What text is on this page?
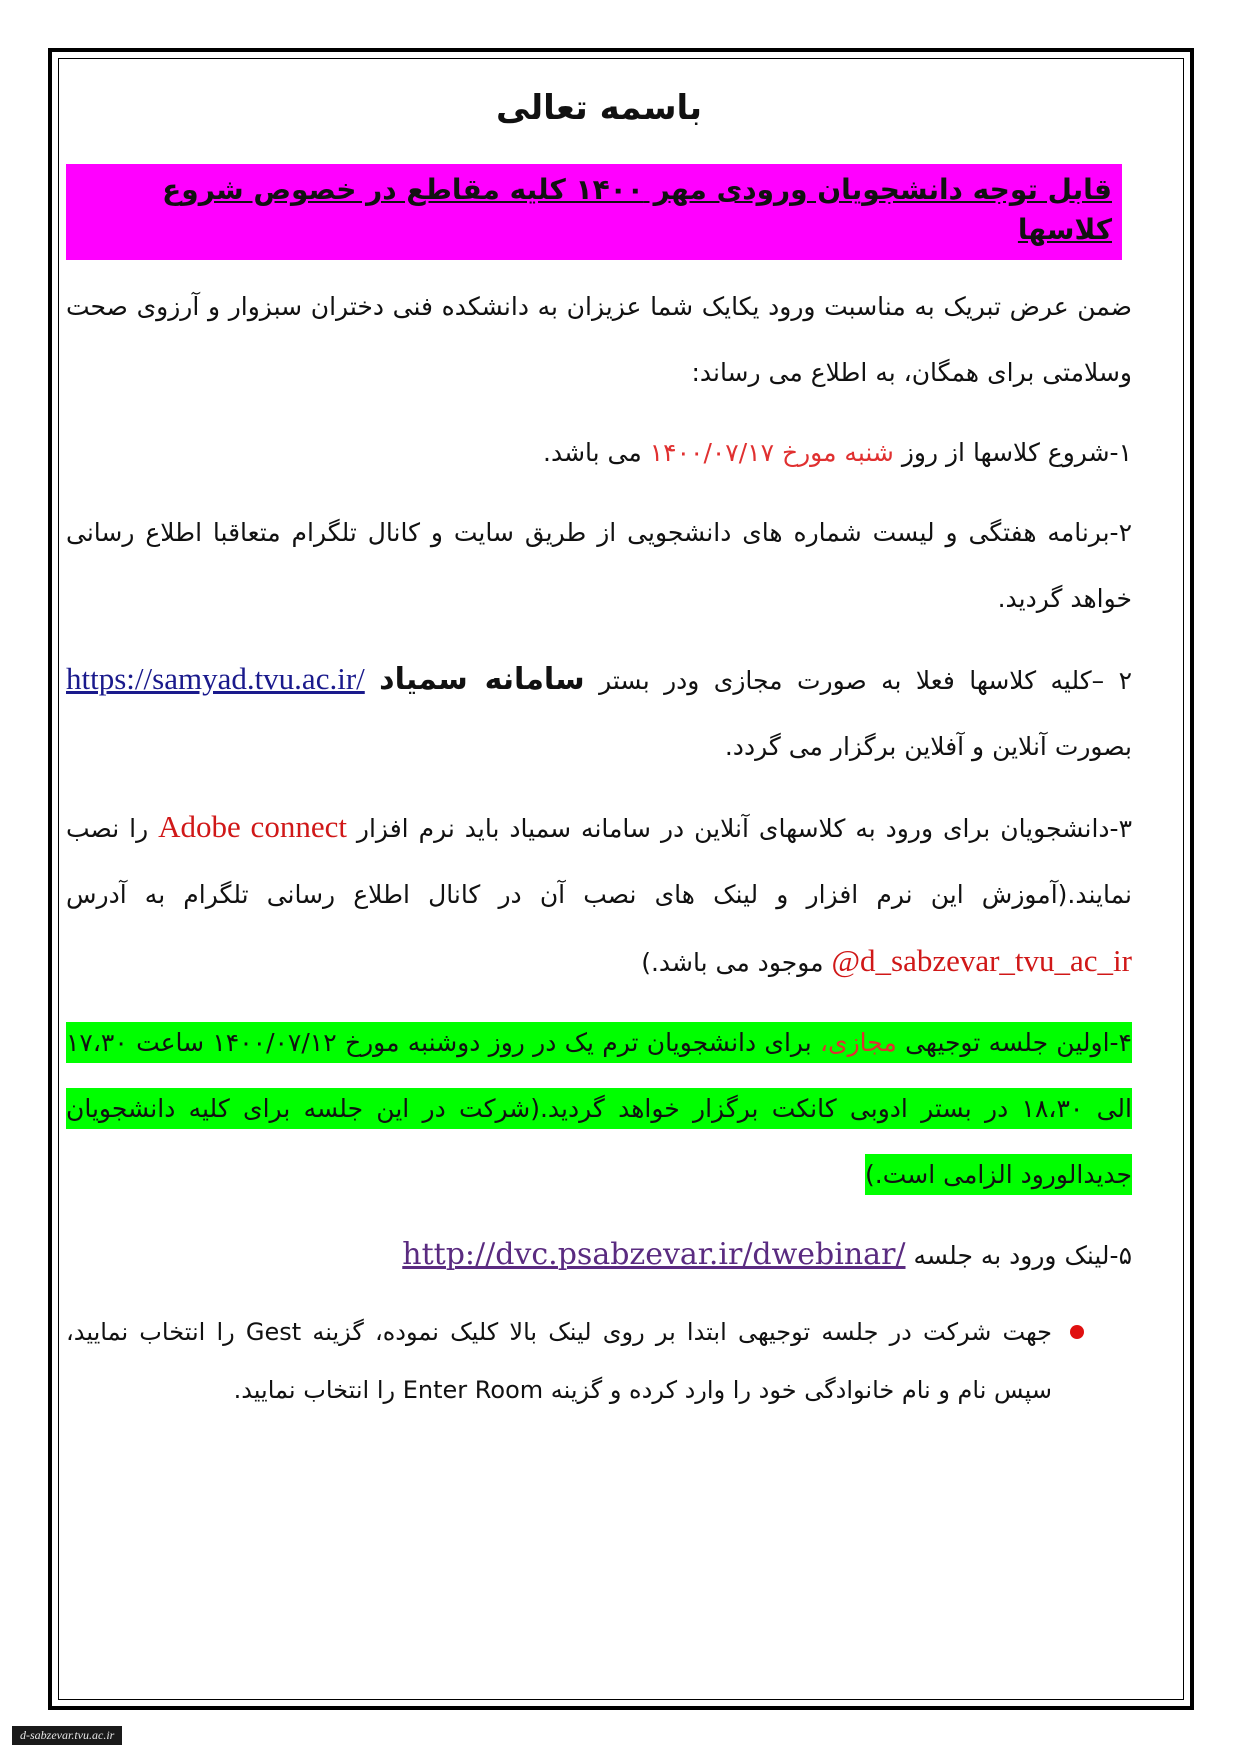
باسمه تعالی
قابل توجه دانشجویان ورودی مهر ۱۴۰۰ کلیه مقاطع در خصوص شروع کلاسها

ضمن عرض تبریک به مناسبت ورود یکایک شما عزیزان به دانشکده فنی دختران سبزوار و آرزوی صحت وسلامتی برای همگان، به اطلاع می رساند:

۱-شروع کلاسها از روز شنبه مورخ ۱۴۰۰/۰۷/۱۷ می باشد.

۲-برنامه هفتگی و لیست شماره های دانشجویی از طریق سایت و کانال تلگرام متعاقبا اطلاع رسانی خواهد گردید.

۲ –کلیه کلاسها فعلا به صورت مجازی ودر بستر سامانه سمیاد https://samyad.tvu.ac.ir/ بصورت آنلاین و آفلاین برگزار می گردد.

۳-دانشجویان برای ورود به کلاسهای آنلاین در سامانه سمیاد باید نرم افزار Adobe connect را نصب نمایند.(آموزش این نرم افزار و لینک های نصب آن در کانال اطلاع رسانی تلگرام به آدرس @d_sabzevar_tvu_ac_ir موجود می باشد.)

۴-اولین جلسه توجیهی مجازی، برای دانشجویان ترم یک در روز دوشنبه مورخ ۱۴۰۰/۰۷/۱۲ ساعت ۱۷،۳۰ الی ۱۸،۳۰ در بستر ادوبی کانکت برگزار خواهد گردید.(شرکت در این جلسه برای کلیه دانشجویان جدیدالورود الزامی است.)

۵-لینک ورود به جلسه http://dvc.psabzevar.ir/dwebinar/

جهت شرکت در جلسه توجیهی ابتدا بر روی لینک بالا کلیک نموده، گزینه Gest را انتخاب نمایید، سپس نام و نام خانوادگی خود را وارد کرده و گزینه Enter Room را انتخاب نمایید.

d-sabzevar.tvu.ac.ir
